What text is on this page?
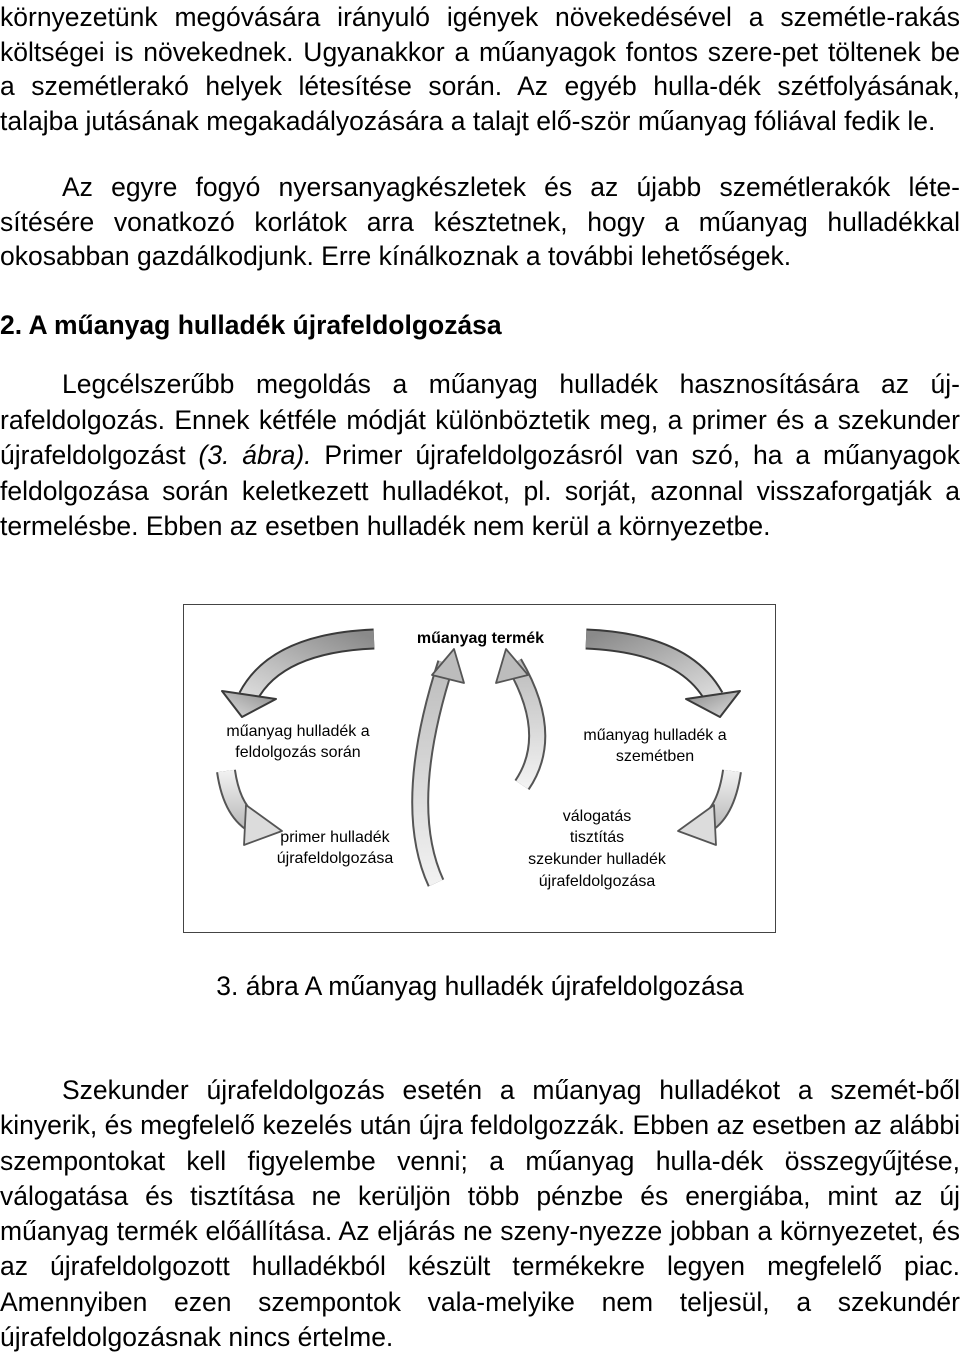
környezetünk megóvására irányuló igények növekedésével a szemétle-rakás költségei is növekednek. Ugyanakkor a műanyagok fontos szere-pet töltenek be a szemétlerakó helyek létesítése során. Az egyéb hulla-dék szétfolyásának, talajba jutásának megakadályozására a talajt elő-ször műanyag fóliával fedik le.

Az egyre fogyó nyersanyagkészletek és az újabb szemétlerakók léte-sítésére vonatkozó korlátok arra késztetnek, hogy a műanyag hulladékkal okosabban gazdálkodjunk. Erre kínálkoznak a további lehetőségek.

2. A műanyag hulladék újrafeldolgozása

Legcélszerűbb megoldás a műanyag hulladék hasznosítására az új-rafeldolgozás. Ennek kétféle módját különböztetik meg, a primer és a szekunder újrafeldolgozást (3. ábra). Primer újrafeldolgozásról van szó, ha a műanyagok feldolgozása során keletkezett hulladékot, pl. sorját, azonnal visszaforgatják a termelésbe. Ebben az esetben hulladék nem kerül a környezetbe.

műanyag termék
műanyag hulladék a
feldolgozás során
műanyag hulladék a
szemétben
primer hulladék
újrafeldolgozása
válogatás
tisztítás
szekunder hulladék
újrafeldolgozása

3. ábra A műanyag hulladék újrafeldolgozása

Szekunder újrafeldolgozás esetén a műanyag hulladékot a szemét-ből kinyerik, és megfelelő kezelés után újra feldolgozzák. Ebben az esetben az alábbi szempontokat kell figyelembe venni; a műanyag hulla-dék összegyűjtése, válogatása és tisztítása ne kerüljön több pénzbe és energiába, mint az új műanyag termék előállítása. Az eljárás ne szeny-nyezze jobban a környezetet, és az újrafeldolgozott hulladékból készült termékekre legyen megfelelő piac. Amennyiben ezen szempontok vala-melyike nem teljesül, a szekundér újrafeldolgozásnak nincs értelme.
